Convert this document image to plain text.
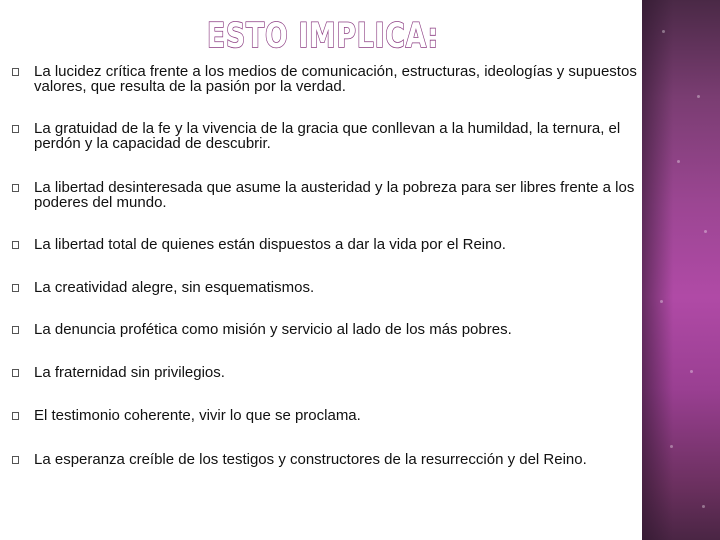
ESTO IMPLICA:
La lucidez crítica frente a los medios de comunicación, estructuras, ideologías y supuestos valores, que resulta de la pasión por la verdad.
La gratuidad de la fe y la vivencia de la gracia que conllevan a la humildad, la ternura, el perdón y la capacidad de descubrir.
La libertad desinteresada que asume la austeridad y la pobreza para ser libres frente a los poderes del mundo.
La libertad total de quienes están dispuestos a dar la vida por el Reino.
La creatividad alegre, sin esquematismos.
La denuncia profética como misión y servicio al lado de los más pobres.
La fraternidad sin privilegios.
El testimonio coherente, vivir lo que se proclama.
La esperanza creíble de los testigos y constructores de la resurrección y del Reino.
